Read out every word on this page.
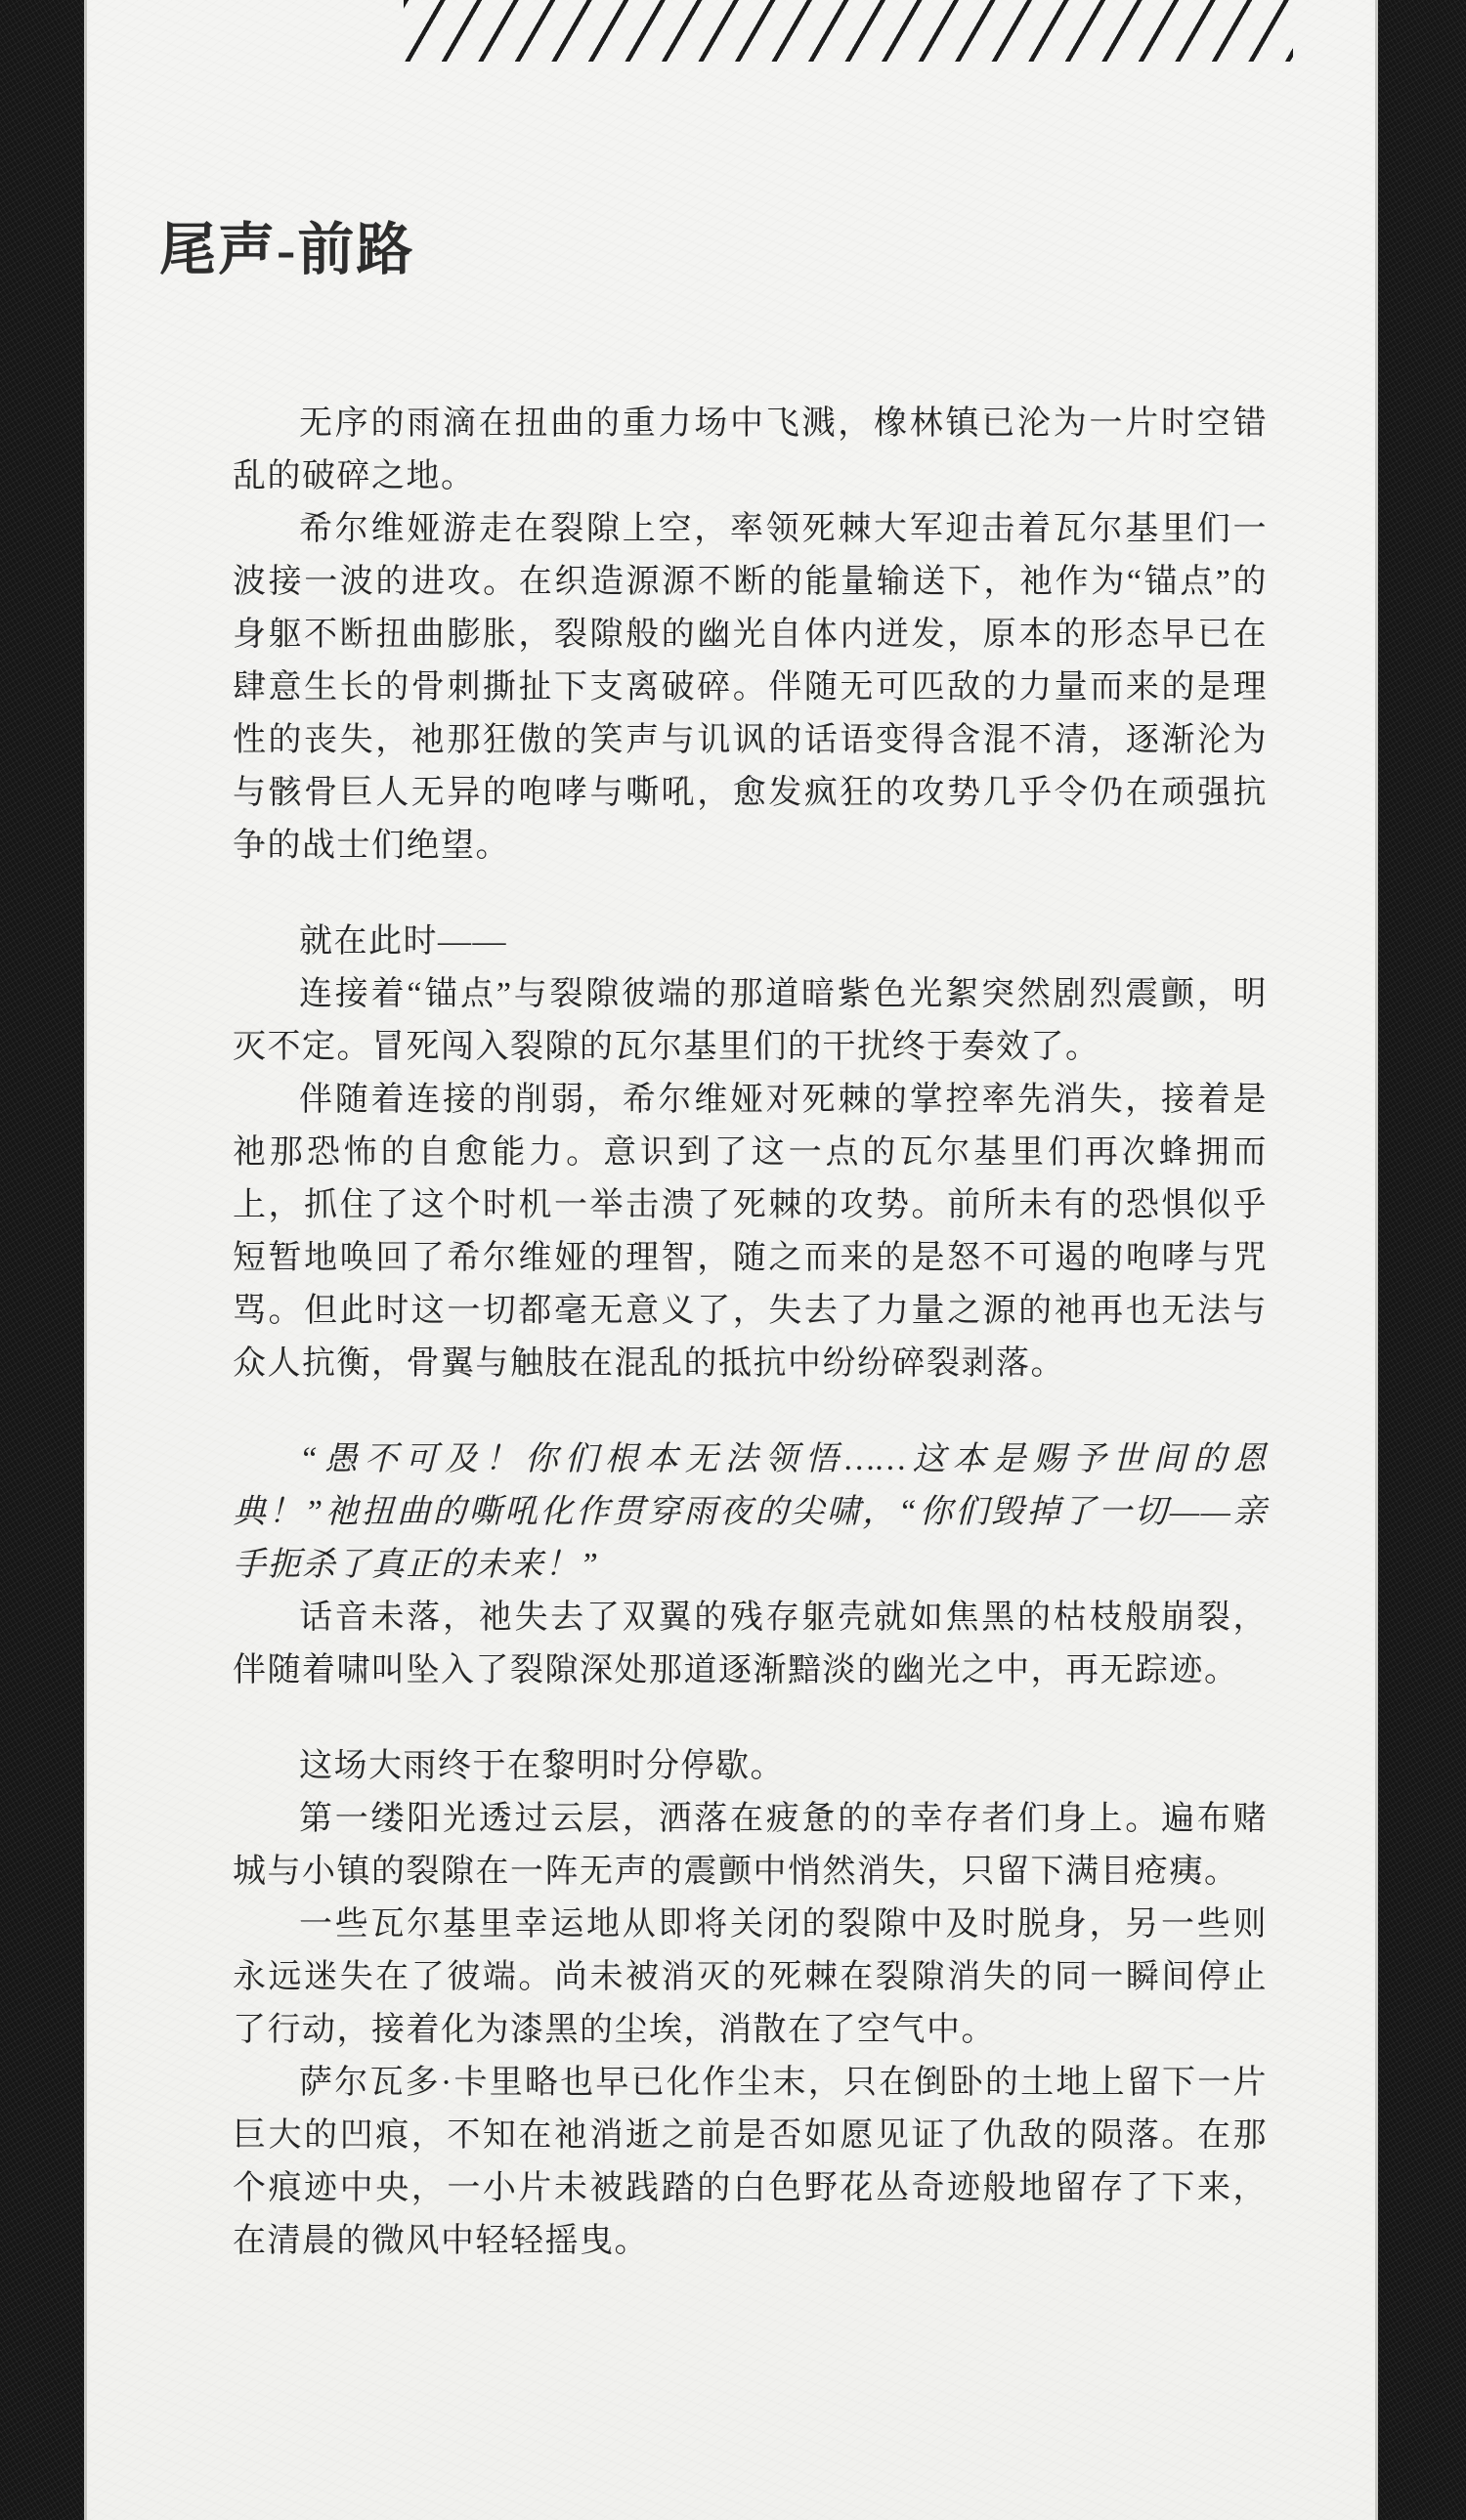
尾声-前路

无序的雨滴在扭曲的重力场中飞溅，橡林镇已沦为一片时空错乱的破碎之地。

希尔维娅游走在裂隙上空，率领死棘大军迎击着瓦尔基里们一波接一波的进攻。在织造源源不断的能量输送下，祂作为“锚点”的身躯不断扭曲膨胀，裂隙般的幽光自体内迸发，原本的形态早已在肆意生长的骨刺撕扯下支离破碎。伴随无可匹敌的力量而来的是理性的丧失，祂那狂傲的笑声与讥讽的话语变得含混不清，逐渐沦为与骸骨巨人无异的咆哮与嘶吼，愈发疯狂的攻势几乎令仍在顽强抗争的战士们绝望。

就在此时——

连接着“锚点”与裂隙彼端的那道暗紫色光絮突然剧烈震颤，明灭不定。冒死闯入裂隙的瓦尔基里们的干扰终于奏效了。

伴随着连接的削弱，希尔维娅对死棘的掌控率先消失，接着是祂那恐怖的自愈能力。意识到了这一点的瓦尔基里们再次蜂拥而上，抓住了这个时机一举击溃了死棘的攻势。前所未有的恐惧似乎短暂地唤回了希尔维娅的理智，随之而来的是怒不可遏的咆哮与咒骂。但此时这一切都毫无意义了，失去了力量之源的祂再也无法与众人抗衡，骨翼与触肢在混乱的抵抗中纷纷碎裂剥落。

“愚不可及！你们根本无法领悟……这本是赐予世间的恩典！”祂扭曲的嘶吼化作贯穿雨夜的尖啸，“你们毁掉了一切——亲手扼杀了真正的未来！”

话音未落，祂失去了双翼的残存躯壳就如焦黑的枯枝般崩裂，伴随着啸叫坠入了裂隙深处那道逐渐黯淡的幽光之中，再无踪迹。

这场大雨终于在黎明时分停歇。

第一缕阳光透过云层，洒落在疲惫的的幸存者们身上。遍布赌城与小镇的裂隙在一阵无声的震颤中悄然消失，只留下满目疮痍。

一些瓦尔基里幸运地从即将关闭的裂隙中及时脱身，另一些则永远迷失在了彼端。尚未被消灭的死棘在裂隙消失的同一瞬间停止了行动，接着化为漆黑的尘埃，消散在了空气中。

萨尔瓦多·卡里略也早已化作尘末，只在倒卧的土地上留下一片巨大的凹痕，不知在祂消逝之前是否如愿见证了仇敌的陨落。在那个痕迹中央，一小片未被践踏的白色野花丛奇迹般地留存了下来，在清晨的微风中轻轻摇曳。
